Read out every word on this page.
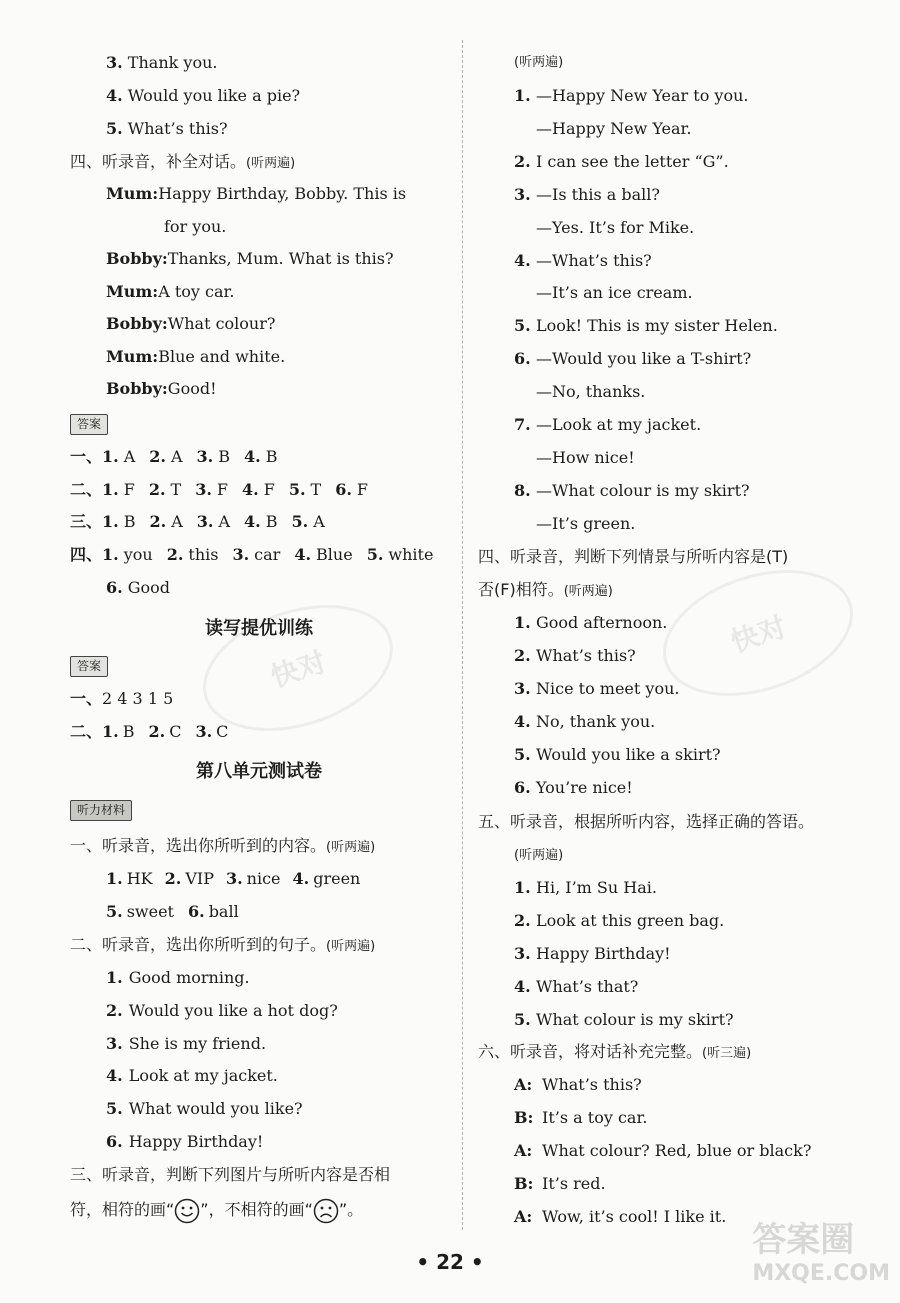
3. Thank you.
4. Would you like a pie?
5. What’s this?
四、听录音，补全对话。(听两遍)
Mum:Happy Birthday, Bobby. This is
for you.
Bobby:Thanks, Mum. What is this?
Mum:A toy car.
Bobby:What colour?
Mum:Blue and white.
Bobby:Good!
答案
一、1. A 2. A 3. B 4. B
二、1. F 2. T 3. F 4. F 5. T 6. F
三、1. B 2. A 3. A 4. B 5. A
四、1. you 2. this 3. car 4. Blue 5. white
6. Good
读写提优训练
答案
一、2 4 3 1 5
二、1. B 2. C 3. C
第八单元测试卷
听力材料
一、听录音，选出你所听到的内容。(听两遍)
1. HK 2. VIP 3. nice 4. green
5. sweet 6. ball
二、听录音，选出你所听到的句子。(听两遍)
1. Good morning.
2. Would you like a hot dog?
3. She is my friend.
4. Look at my jacket.
5. What would you like?
6. Happy Birthday!
三、听录音，判断下列图片与所听内容是否相
符，相符的画“ ”，不相符的画“ ”。
(听两遍)
1. —Happy New Year to you.
—Happy New Year.
2. I can see the letter “G”.
3. —Is this a ball?
—Yes. It’s for Mike.
4. —What’s this?
—It’s an ice cream.
5. Look! This is my sister Helen.
6. —Would you like a T-shirt?
—No, thanks.
7. —Look at my jacket.
—How nice!
8. —What colour is my skirt?
—It’s green.
四、听录音，判断下列情景与所听内容是(T)
否(F)相符。(听两遍)
1. Good afternoon.
2. What’s this?
3. Nice to meet you.
4. No, thank you.
5. Would you like a skirt?
6. You’re nice!
五、听录音，根据所听内容，选择正确的答语。
(听两遍)
1. Hi, I’m Su Hai.
2. Look at this green bag.
3. Happy Birthday!
4. What’s that?
5. What colour is my skirt?
六、听录音，将对话补充完整。(听三遍)
A: What’s this?
B: It’s a toy car.
A: What colour? Red, blue or black?
B: It’s red.
A: Wow, it’s cool! I like it.
快对
快对
• 22 •
答案圈
MXQE.COM
